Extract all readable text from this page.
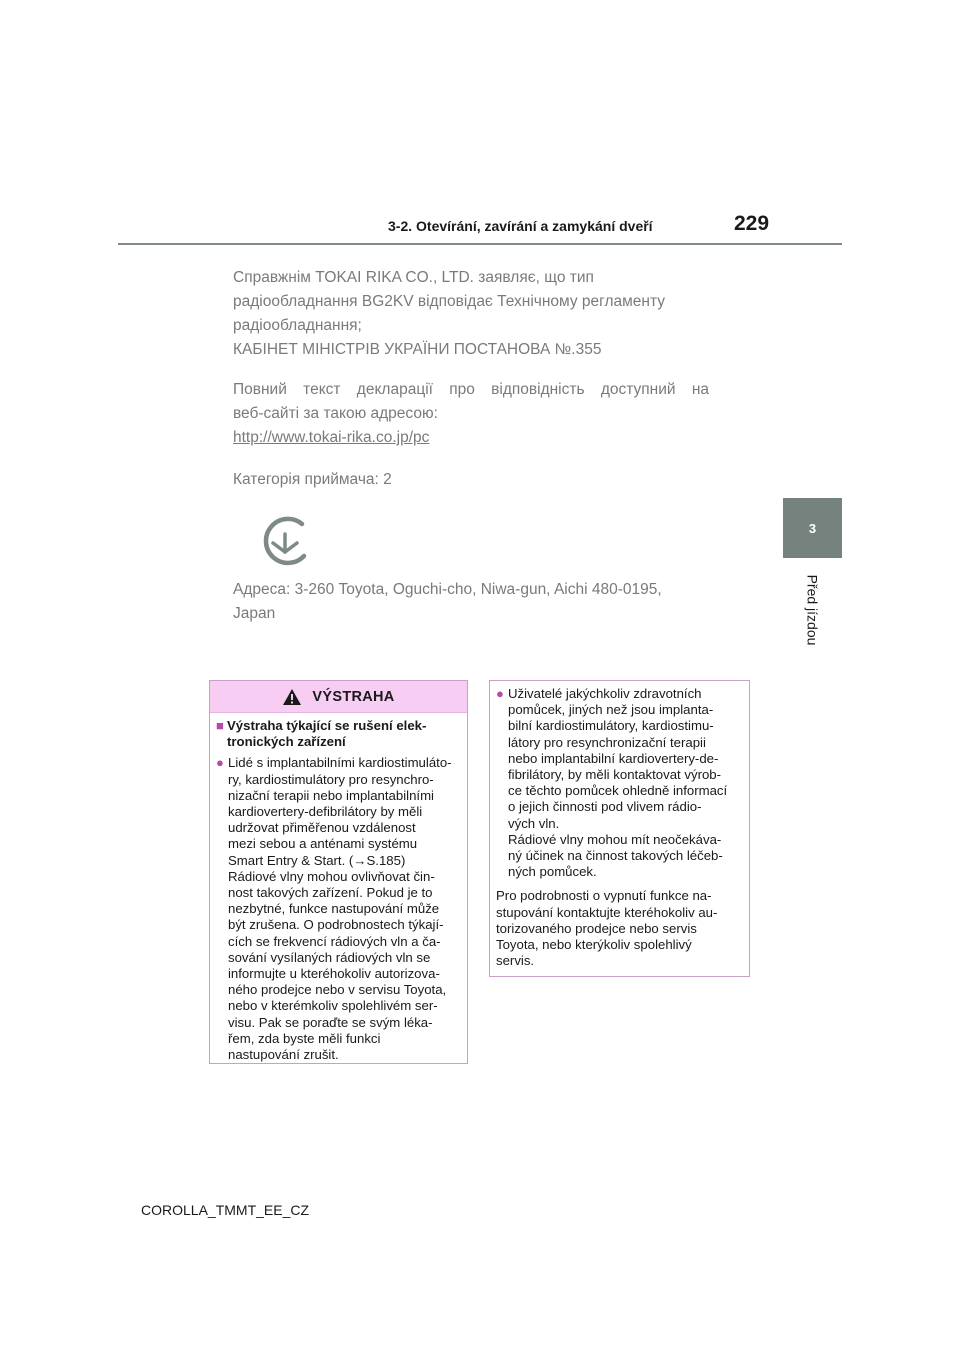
3-2. Otevírání, zavírání a zamykání dveří	229
3
Před jízdou

Справжнім TOKAI RIKA CO., LTD. заявляє, що тип радіообладнання BG2KV відповідає Технічному регламенту радіообладнання;

КАБІНЕТ МІНІСТРІВ УКРАЇНИ ПОСТАНОВА №.355

Повний текст декларації про відповідність доступний на

веб-сайті за такою адресою:

http://www.tokai-rika.co.jp/pc

Категорія приймача: 2

Адреса: 3-260 Toyota, Oguchi-cho, Niwa-gun, Aichi 480-0195,

Japan

VÝSTRAHA
■ Výstraha týkající se rušení elek-
tronických zařízení
● Lidé s implantabilními kardiostimuláto-
ry, kardiostimulátory pro resynchro-
nizační terapii nebo implantabilními
kardiovertery-defibrilátory by měli
udržovat přiměřenou vzdálenost
mezi sebou a anténami systému
Smart Entry & Start. (→S.185)
Rádiové vlny mohou ovlivňovat čin-
nost takových zařízení. Pokud je to
nezbytné, funkce nastupování může
být zrušena. O podrobnostech týkají-
cích se frekvencí rádiových vln a ča-
sování vysílaných rádiových vln se
informujte u kteréhokoliv autorizova-
ného prodejce nebo v servisu Toyota,
nebo v kterémkoliv spolehlivém ser-
visu. Pak se poraďte se svým léka-
řem, zda byste měli funkci
nastupování zrušit.
● Uživatelé jakýchkoliv zdravotních
pomůcek, jiných než jsou implanta-
bilní kardiostimulátory, kardiostimu-
látory pro resynchronizační terapii
nebo implantabilní kardiovertery-de-
fibrilátory, by měli kontaktovat výrob-
ce těchto pomůcek ohledně informací
o jejich činnosti pod vlivem rádio-
vých vln.
Rádiové vlny mohou mít neočekáva-
ný účinek na činnost takových léčeb-
ných pomůcek.
Pro podrobnosti o vypnutí funkce na-
stupování kontaktujte kteréhokoliv au-
torizovaného prodejce nebo servis
Toyota, nebo kterýkoliv spolehlivý
servis.
COROLLA_TMMT_EE_CZ
